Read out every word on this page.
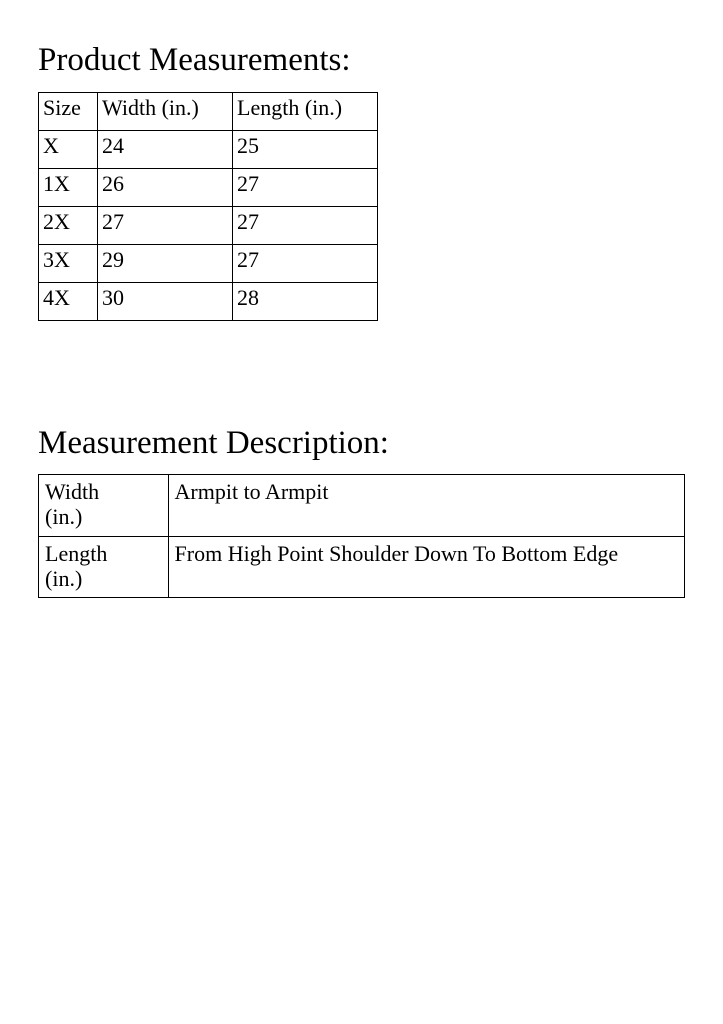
Product Measurements:
Size	Width (in.)	Length (in.)
X	24	25
1X	26	27
2X	27	27
3X	29	27
4X	30	28
Measurement Description:
Width
(in.)	Armpit to Armpit

Length
(in.)	From High Point Shoulder Down To Bottom Edge
